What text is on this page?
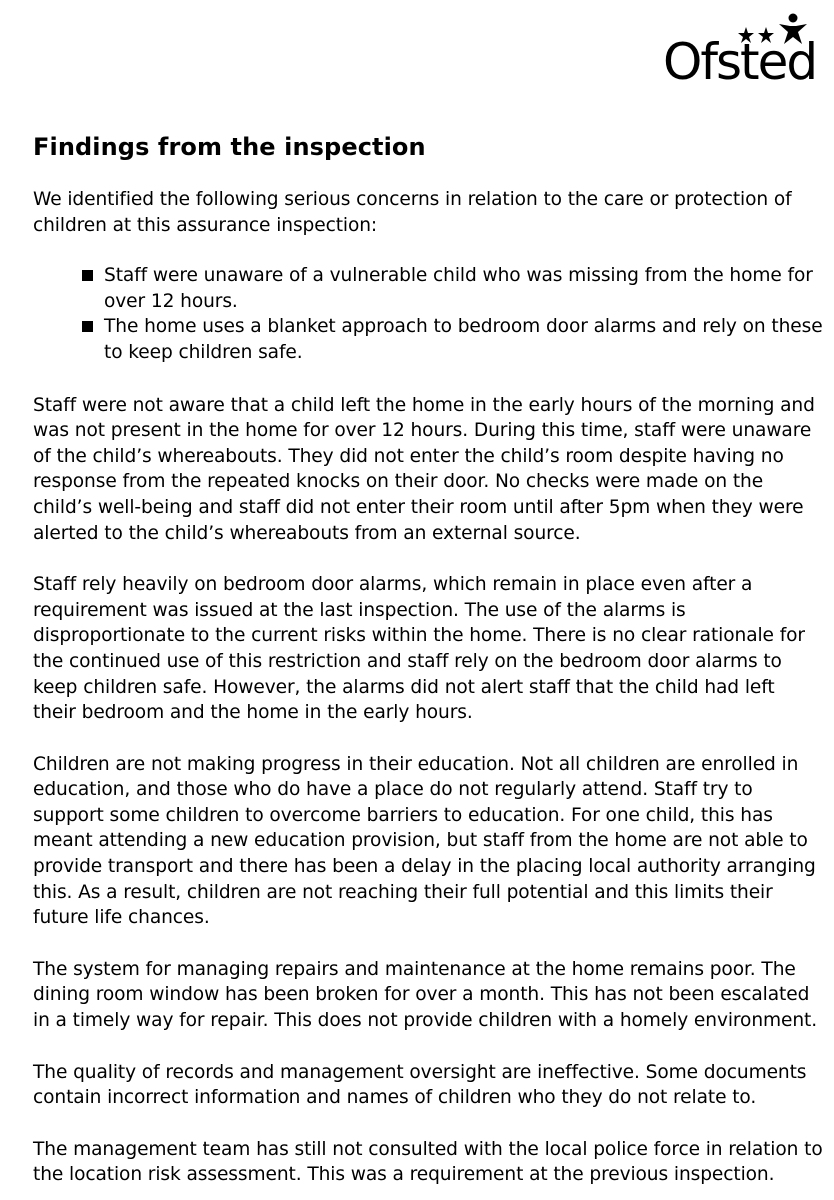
Ofsted
Findings from the inspection

We identified the following serious concerns in relation to the care or protection of children at this assurance inspection:

Staff were unaware of a vulnerable child who was missing from the home for over 12 hours.
The home uses a blanket approach to bedroom door alarms and rely on these to keep children safe.

Staff were not aware that a child left the home in the early hours of the morning and was not present in the home for over 12 hours. During this time, staff were unaware of the child’s whereabouts. They did not enter the child’s room despite having no response from the repeated knocks on their door. No checks were made on the child’s well-being and staff did not enter their room until after 5pm when they were alerted to the child’s whereabouts from an external source.

Staff rely heavily on bedroom door alarms, which remain in place even after a requirement was issued at the last inspection. The use of the alarms is disproportionate to the current risks within the home. There is no clear rationale for the continued use of this restriction and staff rely on the bedroom door alarms to keep children safe. However, the alarms did not alert staff that the child had left their bedroom and the home in the early hours.

Children are not making progress in their education. Not all children are enrolled in education, and those who do have a place do not regularly attend. Staff try to support some children to overcome barriers to education. For one child, this has meant attending a new education provision, but staff from the home are not able to provide transport and there has been a delay in the placing local authority arranging this. As a result, children are not reaching their full potential and this limits their future life chances.

The system for managing repairs and maintenance at the home remains poor. The dining room window has been broken for over a month. This has not been escalated in a timely way for repair. This does not provide children with a homely environment.

The quality of records and management oversight are ineffective. Some documents contain incorrect information and names of children who they do not relate to.

The management team has still not consulted with the local police force in relation to the location risk assessment. This was a requirement at the previous inspection.
